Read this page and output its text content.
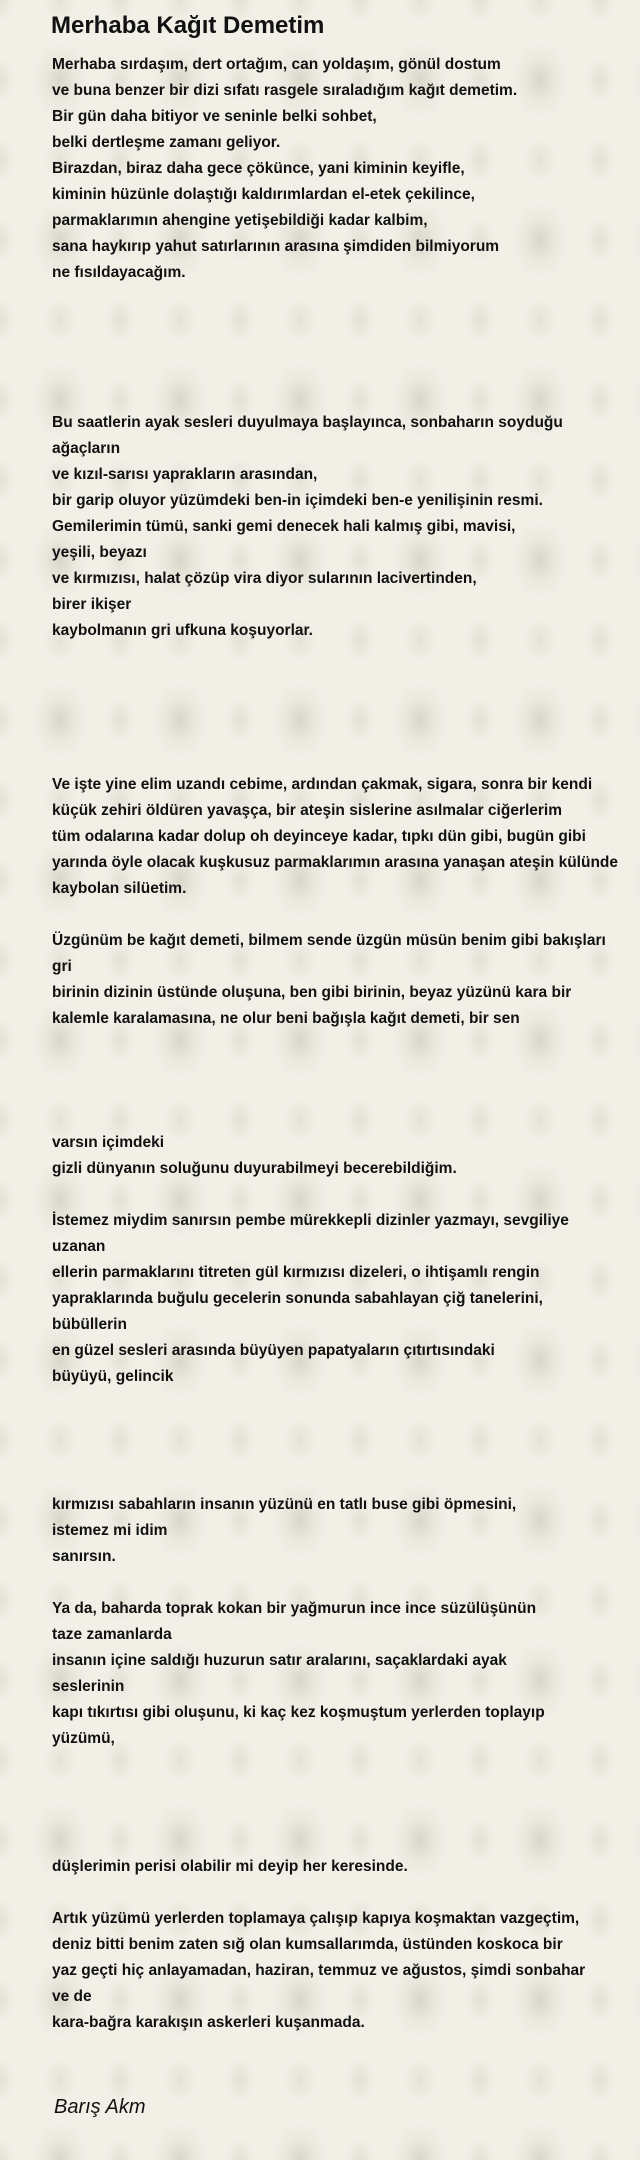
Merhaba Kağıt Demetim
Merhaba sırdaşım, dert ortağım, can yoldaşım, gönül dostum
ve buna benzer bir dizi sıfatı rasgele sıraladığım kağıt demetim.
Bir gün daha bitiyor ve seninle belki sohbet,
belki dertleşme zamanı geliyor.
Birazdan, biraz daha gece çökünce, yani kiminin keyifle,
kiminin hüzünle dolaştığı kaldırımlardan el-etek çekilince,
parmaklarımın ahengine yetişebildiği kadar kalbim,
sana haykırıp yahut satırlarının arasına şimdiden bilmiyorum
ne fısıldayacağım.
Bu saatlerin ayak sesleri duyulmaya başlayınca, sonbaharın soyduğu
ağaçların
ve kızıl-sarısı yaprakların arasından,
bir garip oluyor yüzümdeki ben-in içimdeki ben-e yenilişinin resmi.
Gemilerimin tümü, sanki gemi denecek hali kalmış gibi, mavisi,
yeşili, beyazı
ve kırmızısı, halat çözüp vira diyor sularının lacivertinden,
birer ikişer
kaybolmanın gri ufkuna koşuyorlar.
Ve işte yine elim uzandı cebime, ardından çakmak, sigara, sonra bir kendi
küçük zehiri öldüren yavaşça, bir ateşin sislerine asılmalar ciğerlerim
tüm odalarına kadar dolup oh deyinceye kadar, tıpkı dün gibi, bugün gibi
yarında öyle olacak kuşkusuz parmaklarımın arasına yanaşan ateşin külünde
kaybolan silüetim.
Üzgünüm be kağıt demeti, bilmem sende üzgün müsün benim gibi bakışları
gri
birinin dizinin üstünde oluşuna, ben gibi birinin, beyaz yüzünü kara bir
kalemle karalamasına, ne olur beni bağışla kağıt demeti, bir sen
varsın içimdeki
gizli dünyanın soluğunu duyurabilmeyi becerebildiğim.
İstemez miydim sanırsın pembe mürekkepli dizinler yazmayı, sevgiliye
uzanan
ellerin parmaklarını titreten gül kırmızısı dizeleri, o ihtişamlı rengin
yapraklarında buğulu gecelerin sonunda sabahlayan çiğ tanelerini,
bübüllerin
en güzel sesleri arasında büyüyen papatyaların çıtırtısındaki
büyüyü, gelincik
kırmızısı sabahların insanın yüzünü en tatlı buse gibi öpmesini,
istemez mi idim
sanırsın.
Ya da, baharda toprak kokan bir yağmurun ince ince süzülüşünün
taze zamanlarda
insanın içine saldığı huzurun satır aralarını, saçaklardaki ayak
seslerinin
kapı tıkırtısı gibi oluşunu, ki kaç kez koşmuştum yerlerden toplayıp
yüzümü,
düşlerimin perisi olabilir mi deyip her keresinde.
Artık yüzümü yerlerden toplamaya çalışıp kapıya koşmaktan vazgeçtim,
deniz bitti benim zaten sığ olan kumsallarımda, üstünden koskoca bir
yaz geçti hiç anlayamadan, haziran, temmuz ve ağustos, şimdi sonbahar
ve de
kara-bağra karakışın askerleri kuşanmada.

Barış Akm
